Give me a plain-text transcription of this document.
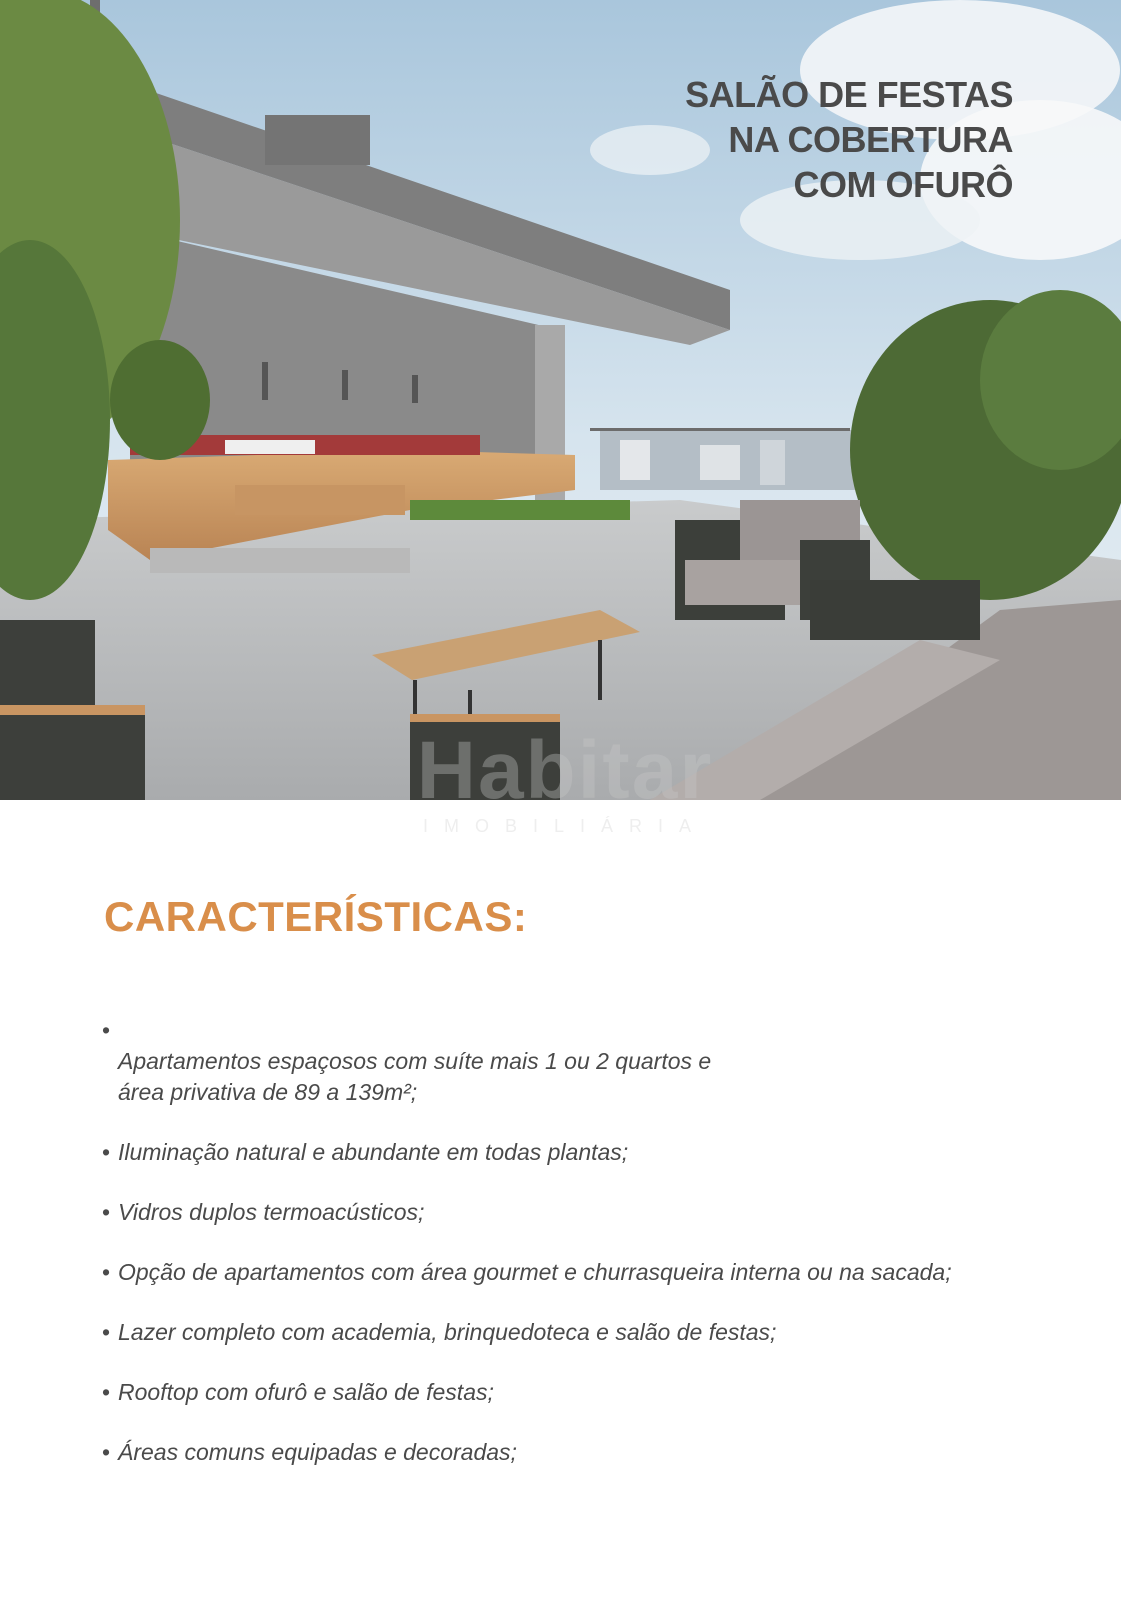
SALÃO DE FESTAS
NA COBERTURA
COM OFURÔ
Habitar
IMOBILIÁRIA
CARACTERÍSTICAS:

•
Apartamentos espaçosos com suíte mais 1 ou 2 quartos e
área privativa de 89 a 139m²;

• Iluminação natural e abundante em todas plantas;
• Vidros duplos termoacústicos;
• Opção de apartamentos com área gourmet e churrasqueira interna ou na sacada;
• Lazer completo com academia, brinquedoteca e salão de festas;
• Rooftop com ofurô e salão de festas;
• Áreas comuns equipadas e decoradas;
